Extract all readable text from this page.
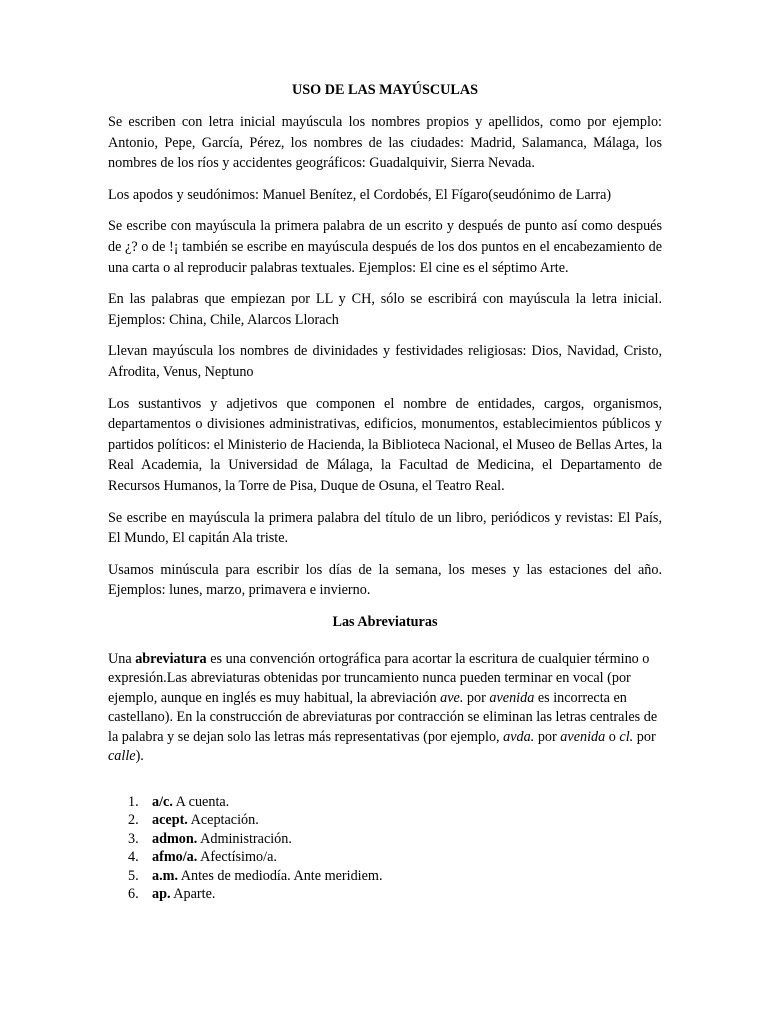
USO DE LAS MAYÚSCULAS

Se escriben con letra inicial mayúscula los nombres propios y apellidos, como por ejemplo: Antonio, Pepe, García, Pérez, los nombres de las ciudades: Madrid, Salamanca, Málaga, los nombres de los ríos y accidentes geográficos: Guadalquivir, Sierra Nevada.

Los apodos y seudónimos: Manuel Benítez, el Cordobés, El Fígaro(seudónimo de Larra)

Se escribe con mayúscula la primera palabra de un escrito y después de punto así como después de ¿? o de !¡ también se escribe en mayúscula después de los dos puntos en el encabezamiento de una carta o al reproducir palabras textuales. Ejemplos: El cine es el séptimo Arte.

En las palabras que empiezan por LL y CH, sólo se escribirá con mayúscula la letra inicial. Ejemplos: China, Chile, Alarcos Llorach

Llevan mayúscula los nombres de divinidades y festividades religiosas: Dios, Navidad, Cristo, Afrodita, Venus, Neptuno

Los sustantivos y adjetivos que componen el nombre de entidades, cargos, organismos, departamentos o divisiones administrativas, edificios, monumentos, establecimientos públicos y partidos políticos: el Ministerio de Hacienda, la Biblioteca Nacional, el Museo de Bellas Artes, la Real Academia, la Universidad de Málaga, la Facultad de Medicina, el Departamento de Recursos Humanos, la Torre de Pisa, Duque de Osuna, el Teatro Real.

Se escribe en mayúscula la primera palabra del título de un libro, periódicos y revistas: El País, El Mundo, El capitán Ala triste.

Usamos minúscula para escribir los días de la semana, los meses y las estaciones del año. Ejemplos: lunes, marzo, primavera e invierno.

Las Abreviaturas

Una abreviatura es una convención ortográfica para acortar la escritura de cualquier término o expresión.Las abreviaturas obtenidas por truncamiento nunca pueden terminar en vocal (por ejemplo, aunque en inglés es muy habitual, la abreviación ave. por avenida es incorrecta en castellano). En la construcción de abreviaturas por contracción se eliminan las letras centrales de la palabra y se dejan solo las letras más representativas (por ejemplo, avda. por avenida o cl. por calle).

1. a/c. A cuenta.
2. acept. Aceptación.
3. admon. Administración.
4. afmo/a. Afectísimo/a.
5. a.m. Antes de mediodía. Ante meridiem.
6. ap. Aparte.
